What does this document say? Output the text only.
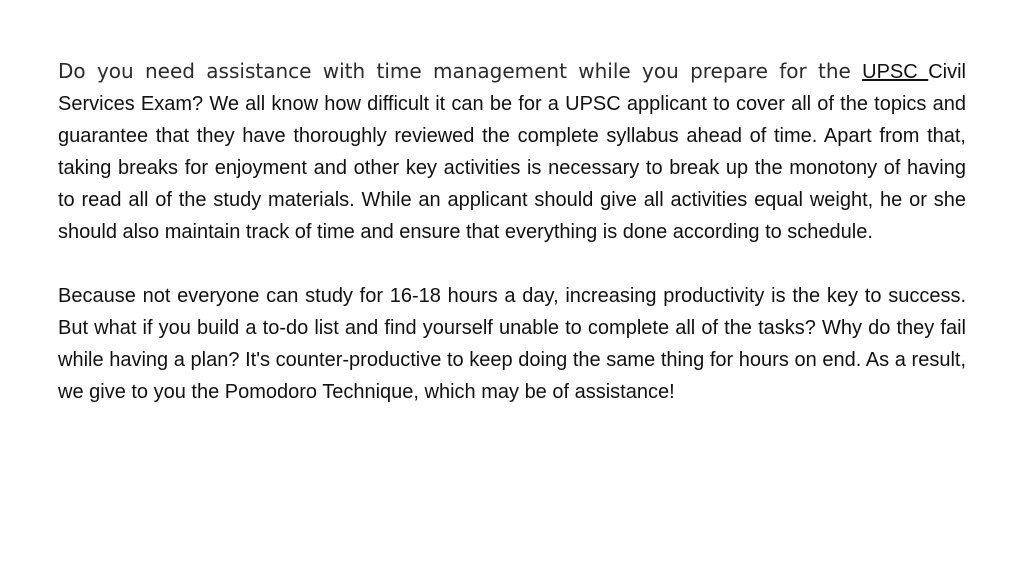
Do you need assistance with time management while you prepare for the UPSC Civil Services Exam? We all know how difficult it can be for a UPSC applicant to cover all of the topics and guarantee that they have thoroughly reviewed the complete syllabus ahead of time. Apart from that, taking breaks for enjoyment and other key activities is necessary to break up the monotony of having to read all of the study materials. While an applicant should give all activities equal weight, he or she should also maintain track of time and ensure that everything is done according to schedule.

Because not everyone can study for 16-18 hours a day, increasing productivity is the key to success. But what if you build a to-do list and find yourself unable to complete all of the tasks? Why do they fail while having a plan? It's counter-productive to keep doing the same thing for hours on end. As a result, we give to you the Pomodoro Technique, which may be of assistance!
